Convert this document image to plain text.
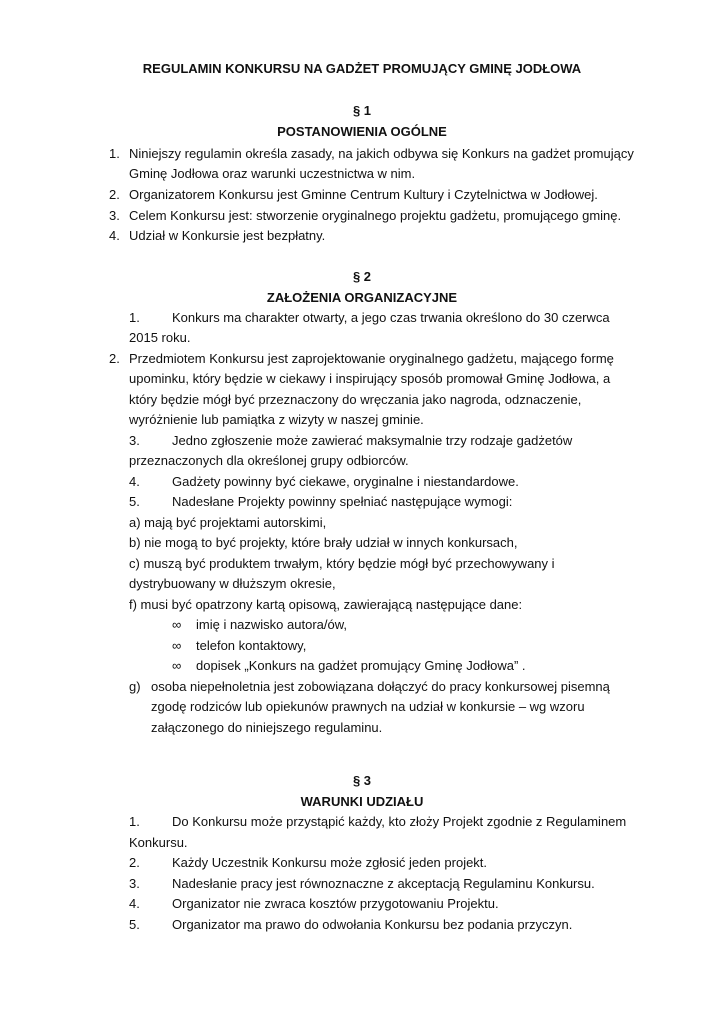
REGULAMIN KONKURSU NA GADŻET PROMUJĄCY GMINĘ JODŁOWA
§ 1
POSTANOWIENIA OGÓLNE
1. Niniejszy regulamin określa zasady, na jakich odbywa się Konkurs na gadżet promujący
Gminę Jodłowa oraz warunki uczestnictwa w nim.
2. Organizatorem Konkursu jest Gminne Centrum Kultury i Czytelnictwa w Jodłowej.
3. Celem Konkursu jest: stworzenie oryginalnego projektu gadżetu, promującego gminę.
4. Udział w Konkursie jest bezpłatny.
§ 2
ZAŁOŻENIA ORGANIZACYJNE
1. Konkurs ma charakter otwarty, a jego czas trwania określono do 30 czerwca
2015 roku.
2. Przedmiotem Konkursu jest zaprojektowanie oryginalnego gadżetu, mającego formę
upominku, który będzie w ciekawy i inspirujący sposób promował Gminę Jodłowa, a
który będzie mógł być przeznaczony do wręczania jako nagroda, odznaczenie,
wyróżnienie lub pamiątka z wizyty w naszej gminie.
3. Jedno zgłoszenie może zawierać maksymalnie trzy rodzaje gadżetów
przeznaczonych dla określonej grupy odbiorców.
4. Gadżety powinny być ciekawe, oryginalne i niestandardowe.
5. Nadesłane Projekty powinny spełniać następujące wymogi:
a) mają być projektami autorskimi,
b) nie mogą to być projekty, które brały udział w innych konkursach,
c) muszą być produktem trwałym, który będzie mógł być przechowywany i
dystrybuowany w dłuższym okresie,
f) musi być opatrzony kartą opisową, zawierającą następujące dane:
∞ imię i nazwisko autora/ów,
∞ telefon kontaktowy,
∞ dopisek „Konkurs na gadżet promujący Gminę Jodłowa” .
g) osoba niepełnoletnia jest zobowiązana dołączyć do pracy konkursowej pisemną
zgodę rodziców lub opiekunów prawnych na udział w konkursie – wg wzoru
załączonego do niniejszego regulaminu.
§ 3
WARUNKI UDZIAŁU
1. Do Konkursu może przystąpić każdy, kto złoży Projekt zgodnie z Regulaminem
Konkursu.
2. Każdy Uczestnik Konkursu może zgłosić jeden projekt.
3. Nadesłanie pracy jest równoznaczne z akceptacją Regulaminu Konkursu.
4. Organizator nie zwraca kosztów przygotowaniu Projektu.
5. Organizator ma prawo do odwołania Konkursu bez podania przyczyn.
